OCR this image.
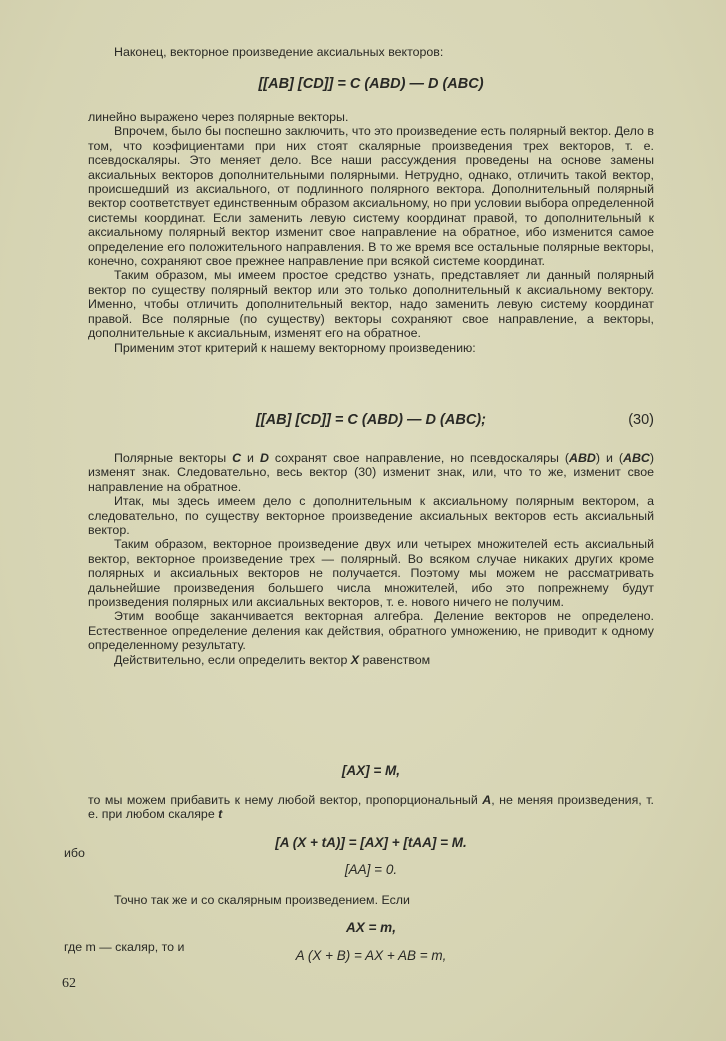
Наконец, векторное произведение аксиальных векторов:

[[AB] [CD]] = C (ABD) — D (ABC)

линейно выражено через полярные векторы.

Впрочем, было бы поспешно заключить, что это произведение есть полярный вектор. Дело в том, что коэфициентами при них стоят скалярные произведения трех векторов, т. е. псевдоскаляры. Это меняет дело. Все наши рассуждения проведены на основе замены аксиальных векторов дополнительными полярными. Нетрудно, однако, отличить такой вектор, происшедший из аксиального, от подлинного полярного вектора. Дополнительный полярный вектор соответствует единственным образом аксиальному, но при условии выбора определенной системы координат. Если заменить левую систему координат правой, то дополнительный к аксиальному полярный вектор изменит свое направление на обратное, ибо изменится самое определение его положительного направления. В то же время все остальные полярные векторы, конечно, сохраняют свое прежнее направление при всякой системе координат.

Таким образом, мы имеем простое средство узнать, представляет ли данный полярный вектор по существу полярный вектор или это только дополнительный к аксиальному вектору. Именно, чтобы отличить дополнительный вектор, надо заменить левую систему координат правой. Все полярные (по существу) векторы сохраняют свое направление, а векторы, дополнительные к аксиальным, изменят его на обратное.

Применим этот критерий к нашему векторному произведению:

[[AB] [CD]] = C (ABD) — D (ABC);	(30)

Полярные векторы C и D сохранят свое направление, но псевдоскаляры (ABD) и (ABC) изменят знак. Следовательно, весь вектор (30) изменит знак, или, что то же, изменит свое направление на обратное.

Итак, мы здесь имеем дело с дополнительным к аксиальному полярным вектором, а следовательно, по существу векторное произведение аксиальных векторов есть аксиальный вектор.

Таким образом, векторное произведение двух или четырех множителей есть аксиальный вектор, векторное произведение трех — полярный. Во всяком случае никаких других кроме полярных и аксиальных векторов не получается. Поэтому мы можем не рассматривать дальнейшие произведения большего числа множителей, ибо это попрежнему будут произведения полярных или аксиальных векторов, т. е. нового ничего не получим.

Этим вообще заканчивается векторная алгебра. Деление векторов не определено. Естественное определение деления как действия, обратного умножению, не приводит к одному определенному результату.

Действительно, если определить вектор X равенством

[AX] = M,

то мы можем прибавить к нему любой вектор, пропорциональный A, не меняя произведения, т. е. при любом скаляре t

[A (X + tA)] = [AX] + [tAA] = M.
ибо
[AA] = 0.

Точно так же и со скалярным произведением. Если

AX = m,
где m — скаляр, то и
A (X + B) = AX + AB = m,
62
